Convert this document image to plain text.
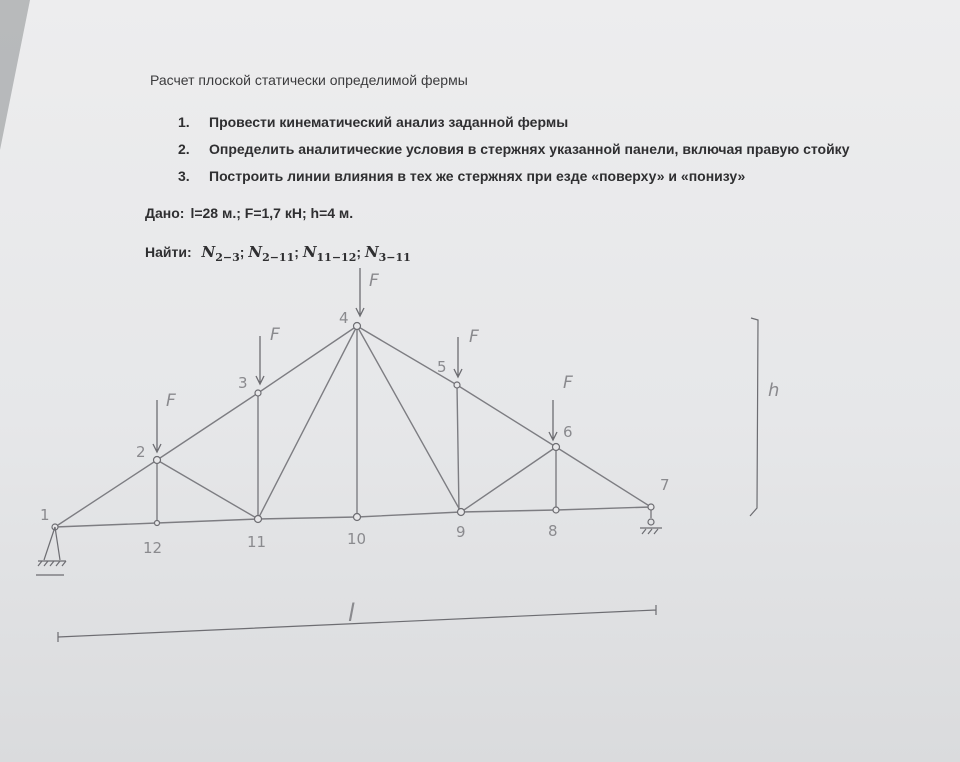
Расчет плоской статически определимой фермы
1. Провести кинематический анализ заданной фермы
2. Определить аналитические условия в стержнях указанной панели, включая правую стойку
3. Построить линии влияния в тех же стержнях при езде «поверху» и «понизу»
Дано: l=28 м.; F=1,7 кН; h=4 м.
Найти: $N_{2-3}$; $N_{2-11}$; $N_{11-12}$; $N_{3-11}$
1
2
3
4
5
6
7
8
9
10
11
12
F
F
F
F
F	h
l
